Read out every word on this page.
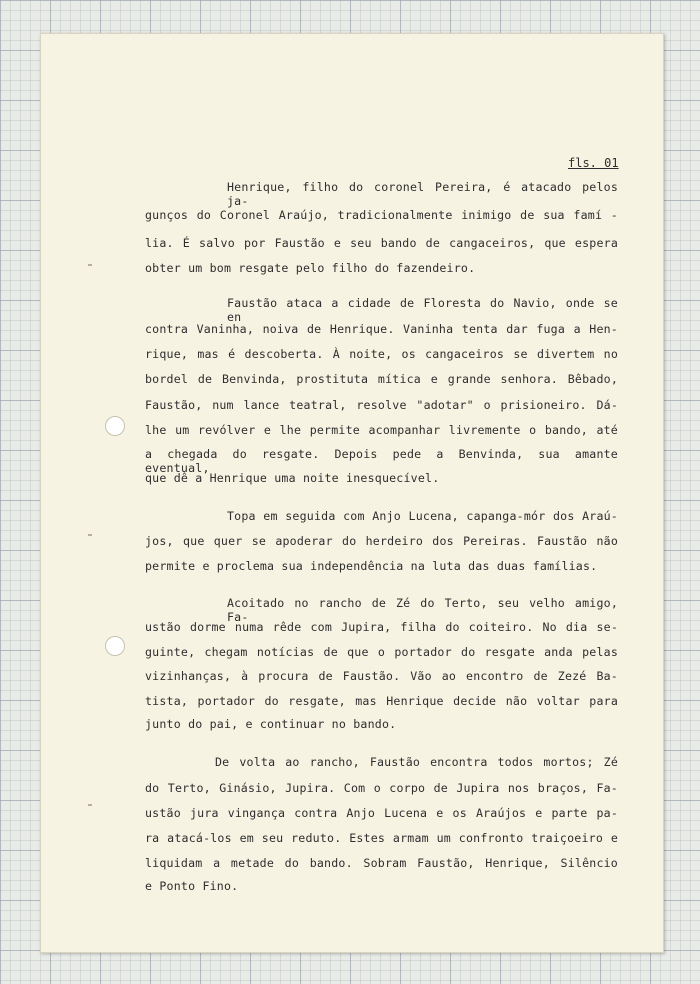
fls. 01
Henrique, filho do coronel Pereira, é atacado pelos ja-
gunços do Coronel Araújo, tradicionalmente inimigo de sua famí -
lia. É salvo por Faustão e seu bando de cangaceiros, que espera
obter um bom resgate pelo filho do fazendeiro.
Faustão ataca a cidade de Floresta do Navio, onde se en
contra Vaninha, noiva de Henrique. Vaninha tenta dar fuga a Hen-
rique, mas é descoberta. À noite, os cangaceiros se divertem no
bordel de Benvinda, prostituta mítica e grande senhora. Bêbado,
Faustão, num lance teatral, resolve "adotar" o prisioneiro. Dá-
lhe um revólver e lhe permite acompanhar livremente o bando, até
a chegada do resgate. Depois pede a Benvinda, sua amante eventual,
que dê a Henrique uma noite inesquecível.
Topa em seguida com Anjo Lucena, capanga-mór dos Araú-
jos, que quer se apoderar do herdeiro dos Pereiras. Faustão não
permite e proclema sua independência na luta das duas famílias.
Acoitado no rancho de Zé do Terto, seu velho amigo, Fa-
ustão dorme numa rêde com Jupira, filha do coiteiro. No dia se-
guinte, chegam notícias de que o portador do resgate anda pelas
vizinhanças, à procura de Faustão. Vão ao encontro de Zezé Ba-
tista, portador do resgate, mas Henrique decide não voltar para
junto do pai, e continuar no bando.
De volta ao rancho, Faustão encontra todos mortos; Zé
do Terto, Ginásio, Jupira. Com o corpo de Jupira nos braços, Fa-
ustão jura vingança contra Anjo Lucena e os Araújos e parte pa-
ra atacá-los em seu reduto. Estes armam um confronto traiçoeiro e
liquidam a metade do bando. Sobram Faustão, Henrique, Silêncio
e Ponto Fino.
